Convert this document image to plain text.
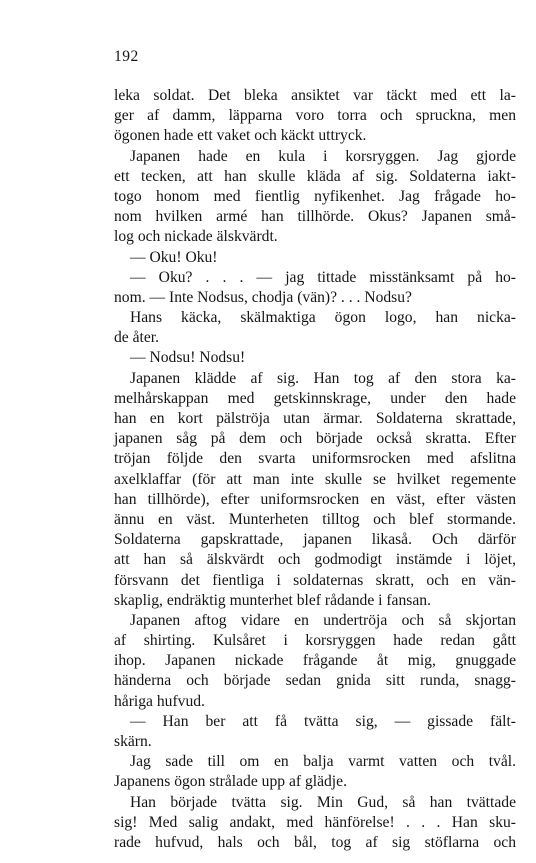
192
leka soldat. Det bleka ansiktet var täckt med ett la-
ger af damm, läpparna voro torra och spruckna, men
ögonen hade ett vaket och käckt uttryck.
Japanen hade en kula i korsryggen. Jag gjorde
ett tecken, att han skulle kläda af sig. Soldaterna iakt-
togo honom med fientlig nyfikenhet. Jag frågade ho-
nom hvilken armé han tillhörde. Okus? Japanen små-
log och nickade älskvärdt.
— Oku! Oku!
— Oku? . . . — jag tittade misstänksamt på ho-
nom. — Inte Nodsus, chodja (vän)? . . . Nodsu?
Hans käcka, skälmaktiga ögon logo, han nicka-
de åter.
— Nodsu! Nodsu!
Japanen klädde af sig. Han tog af den stora ka-
melhårskappan med getskinnskrage, under den hade
han en kort pälströja utan ärmar. Soldaterna skrattade,
japanen såg på dem och började också skratta. Efter
tröjan följde den svarta uniformsrocken med afslitna
axelklaffar (för att man inte skulle se hvilket regemente
han tillhörde), efter uniformsrocken en väst, efter västen
ännu en väst. Munterheten tilltog och blef stormande.
Soldaterna gapskrattade, japanen likaså. Och därför
att han så älskvärdt och godmodigt instämde i löjet,
försvann det fientliga i soldaternas skratt, och en vän-
skaplig, endräktig munterhet blef rådande i fansan.
Japanen aftog vidare en undertröja och så skjortan
af shirting. Kulsåret i korsryggen hade redan gått
ihop. Japanen nickade frågande åt mig, gnuggade
händerna och började sedan gnida sitt runda, snagg-
håriga hufvud.
— Han ber att få tvätta sig, — gissade fält-
skärn.
Jag sade till om en balja varmt vatten och tvål.
Japanens ögon strålade upp af glädje.
Han började tvätta sig. Min Gud, så han tvättade
sig! Med salig andakt, med hänförelse! . . . Han sku-
rade hufvud, hals och bål, tog af sig stöflarna och
